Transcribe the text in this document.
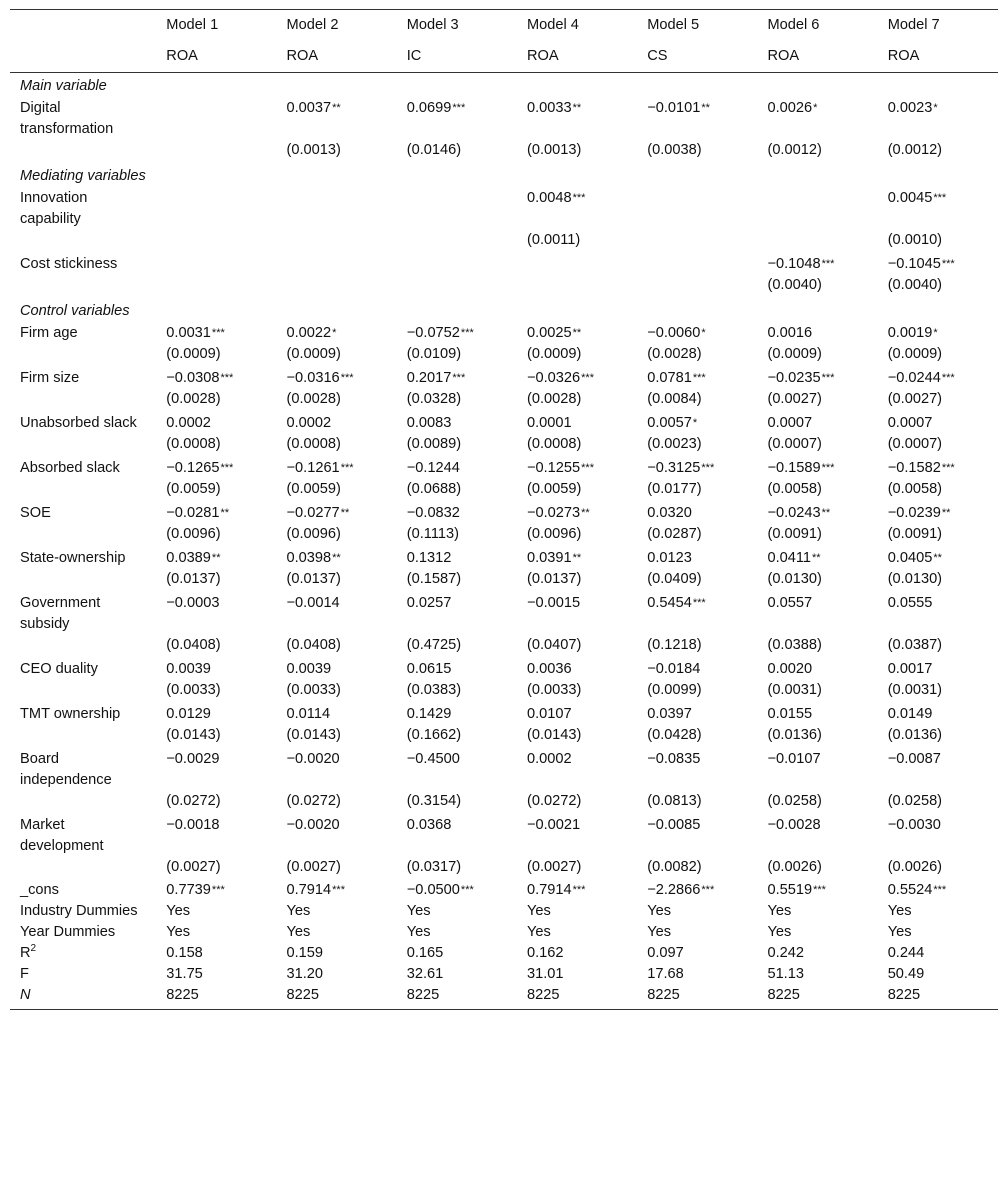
	Model 1	Model 2	Model 3	Model 4	Model 5	Model 6	Model 7
	ROA	ROA	IC	ROA	CS	ROA	ROA
Main variable							
Digital transformation		0.0037**	0.0699***	0.0033**	−0.0101**	0.0026*	0.0023*
		(0.0013)	(0.0146)	(0.0013)	(0.0038)	(0.0012)	(0.0012)
Mediating variables							
Innovation capability				0.0048***			0.0045***
				(0.0011)			(0.0010)
Cost stickiness						−0.1048***	−0.1045***
						(0.0040)	(0.0040)
Control variables							
Firm age	0.0031***	0.0022*	−0.0752***	0.0025**	−0.0060*	0.0016	0.0019*
	(0.0009)	(0.0009)	(0.0109)	(0.0009)	(0.0028)	(0.0009)	(0.0009)
Firm size	−0.0308***	−0.0316***	0.2017***	−0.0326***	0.0781***	−0.0235***	−0.0244***
	(0.0028)	(0.0028)	(0.0328)	(0.0028)	(0.0084)	(0.0027)	(0.0027)
Unabsorbed slack	0.0002	0.0002	0.0083	0.0001	0.0057*	0.0007	0.0007
	(0.0008)	(0.0008)	(0.0089)	(0.0008)	(0.0023)	(0.0007)	(0.0007)
Absorbed slack	−0.1265***	−0.1261***	−0.1244	−0.1255***	−0.3125***	−0.1589***	−0.1582***
	(0.0059)	(0.0059)	(0.0688)	(0.0059)	(0.0177)	(0.0058)	(0.0058)
SOE	−0.0281**	−0.0277**	−0.0832	−0.0273**	0.0320	−0.0243**	−0.0239**
	(0.0096)	(0.0096)	(0.1113)	(0.0096)	(0.0287)	(0.0091)	(0.0091)
State-ownership	0.0389**	0.0398**	0.1312	0.0391**	0.0123	0.0411**	0.0405**
	(0.0137)	(0.0137)	(0.1587)	(0.0137)	(0.0409)	(0.0130)	(0.0130)
Government subsidy	−0.0003	−0.0014	0.0257	−0.0015	0.5454***	0.0557	0.0555
	(0.0408)	(0.0408)	(0.4725)	(0.0407)	(0.1218)	(0.0388)	(0.0387)
CEO duality	0.0039	0.0039	0.0615	0.0036	−0.0184	0.0020	0.0017
	(0.0033)	(0.0033)	(0.0383)	(0.0033)	(0.0099)	(0.0031)	(0.0031)
TMT ownership	0.0129	0.0114	0.1429	0.0107	0.0397	0.0155	0.0149
	(0.0143)	(0.0143)	(0.1662)	(0.0143)	(0.0428)	(0.0136)	(0.0136)
Board independence	−0.0029	−0.0020	−0.4500	0.0002	−0.0835	−0.0107	−0.0087
	(0.0272)	(0.0272)	(0.3154)	(0.0272)	(0.0813)	(0.0258)	(0.0258)
Market development	−0.0018	−0.0020	0.0368	−0.0021	−0.0085	−0.0028	−0.0030
	(0.0027)	(0.0027)	(0.0317)	(0.0027)	(0.0082)	(0.0026)	(0.0026)
_cons	0.7739***	0.7914***	−0.0500***	0.7914***	−2.2866***	0.5519***	0.5524***
Industry Dummies	Yes	Yes	Yes	Yes	Yes	Yes	Yes
Year Dummies	Yes	Yes	Yes	Yes	Yes	Yes	Yes
$R^2$	0.158	0.159	0.165	0.162	0.097	0.242	0.244
F	31.75	31.20	32.61	31.01	17.68	51.13	50.49
N	8225	8225	8225	8225	8225	8225	8225
